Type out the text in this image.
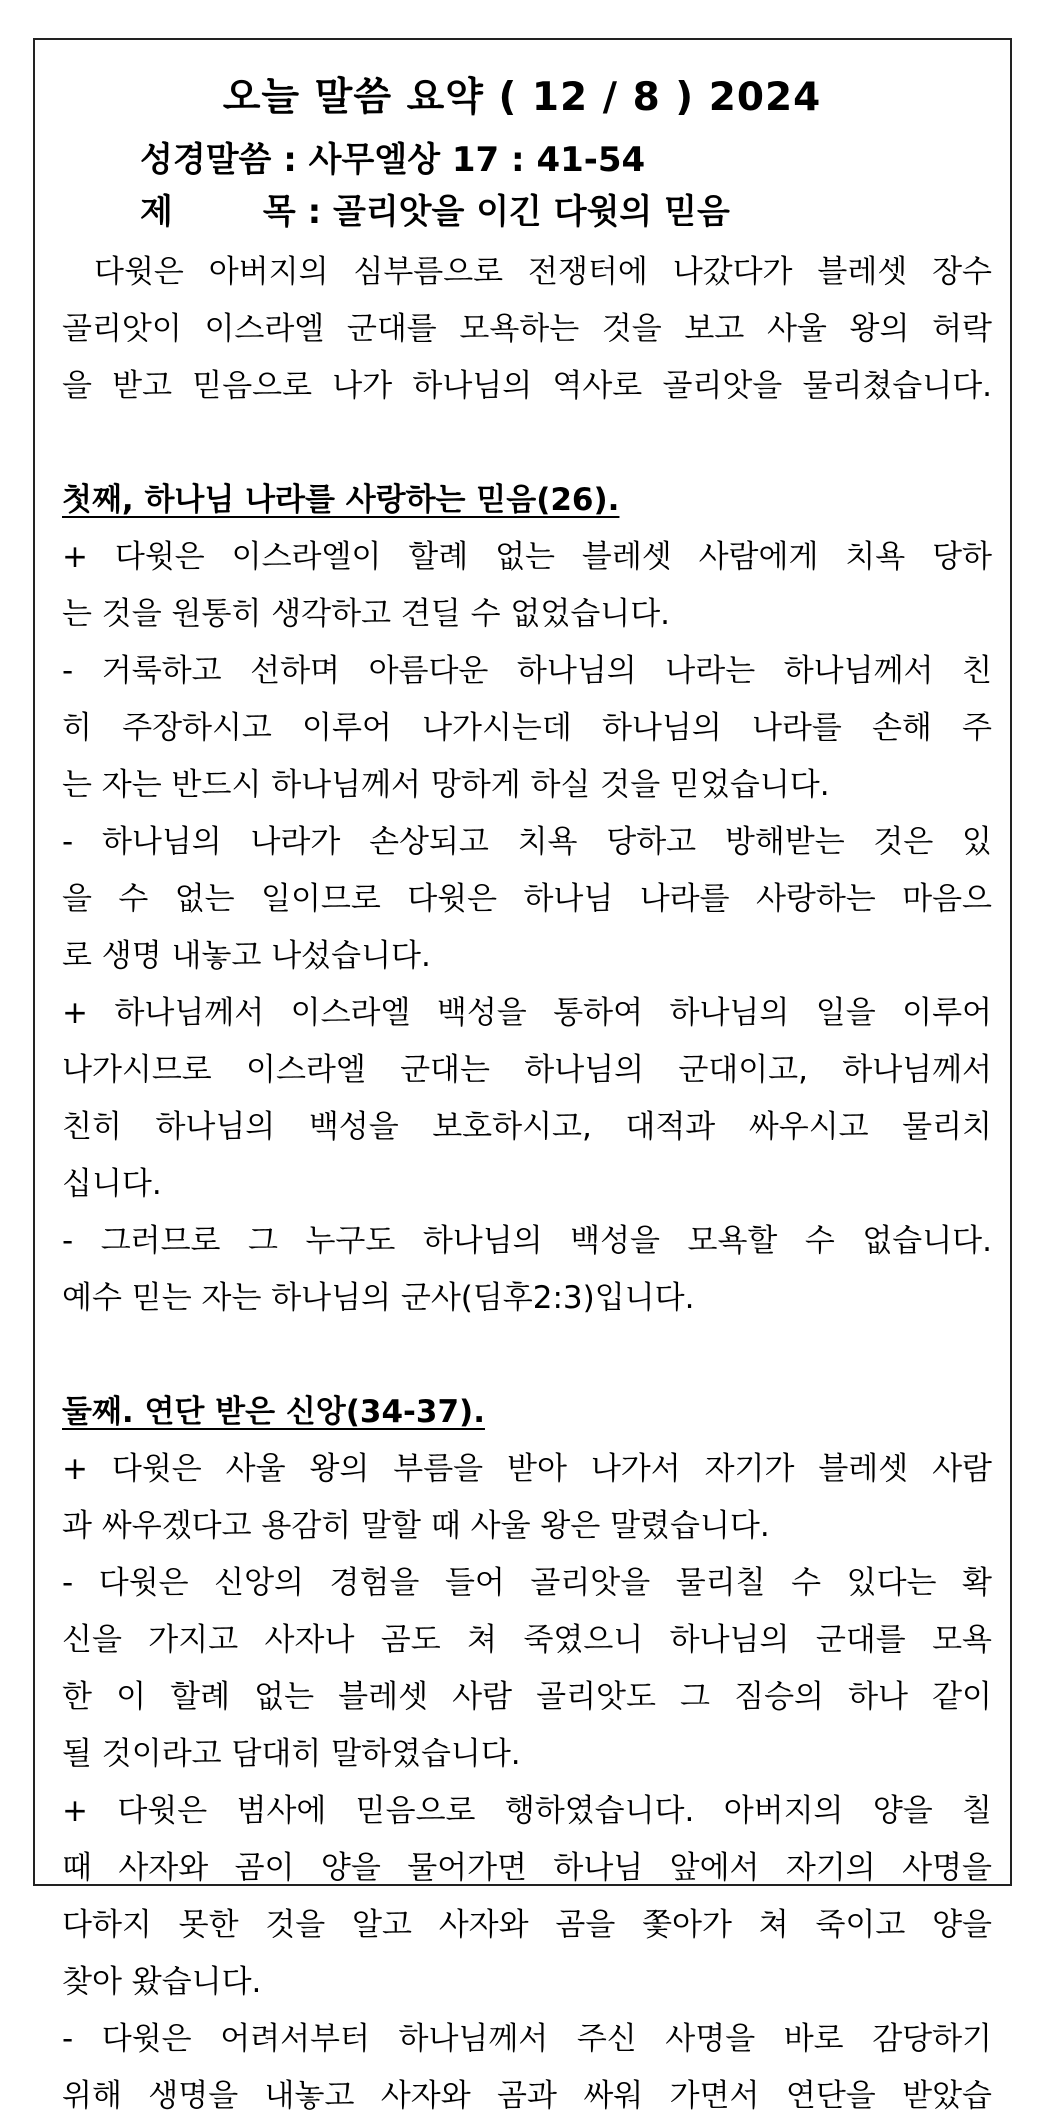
오늘 말씀 요약 ( 12 / 8 ) 2024
성경말씀 : 사무엘상 17 : 41-54
제	목 : 골리앗을 이긴 다윗의 믿음
다윗은 아버지의 심부름으로 전쟁터에 나갔다가 블레셋 장수
골리앗이 이스라엘 군대를 모욕하는 것을 보고 사울 왕의 허락
을 받고 믿음으로 나가 하나님의 역사로 골리앗을 물리쳤습니다.
첫째, 하나님 나라를 사랑하는 믿음(26).
+ 다윗은 이스라엘이 할례 없는 블레셋 사람에게 치욕 당하
는 것을 원통히 생각하고 견딜 수 없었습니다.
- 거룩하고 선하며 아름다운 하나님의 나라는 하나님께서 친
히 주장하시고 이루어 나가시는데 하나님의 나라를 손해 주
는 자는 반드시 하나님께서 망하게 하실 것을 믿었습니다.
- 하나님의 나라가 손상되고 치욕 당하고 방해받는 것은 있
을 수 없는 일이므로 다윗은 하나님 나라를 사랑하는 마음으
로 생명 내놓고 나섰습니다.
+ 하나님께서 이스라엘 백성을 통하여 하나님의 일을 이루어
나가시므로 이스라엘 군대는 하나님의 군대이고, 하나님께서
친히 하나님의 백성을 보호하시고, 대적과 싸우시고 물리치
십니다.
- 그러므로 그 누구도 하나님의 백성을 모욕할 수 없습니다.
예수 믿는 자는 하나님의 군사(딤후2:3)입니다.
둘째. 연단 받은 신앙(34-37).
+ 다윗은 사울 왕의 부름을 받아 나가서 자기가 블레셋 사람
과 싸우겠다고 용감히 말할 때 사울 왕은 말렸습니다.
- 다윗은 신앙의 경험을 들어 골리앗을 물리칠 수 있다는 확
신을 가지고 사자나 곰도 쳐 죽였으니 하나님의 군대를 모욕
한 이 할례 없는 블레셋 사람 골리앗도 그 짐승의 하나 같이
될 것이라고 담대히 말하였습니다.
+ 다윗은 범사에 믿음으로 행하였습니다. 아버지의 양을 칠
때 사자와 곰이 양을 물어가면 하나님 앞에서 자기의 사명을
다하지 못한 것을 알고 사자와 곰을 쫓아가 쳐 죽이고 양을
찾아 왔습니다.
- 다윗은 어려서부터 하나님께서 주신 사명을 바로 감당하기
위해 생명을 내놓고 사자와 곰과 싸워 가면서 연단을 받았습
